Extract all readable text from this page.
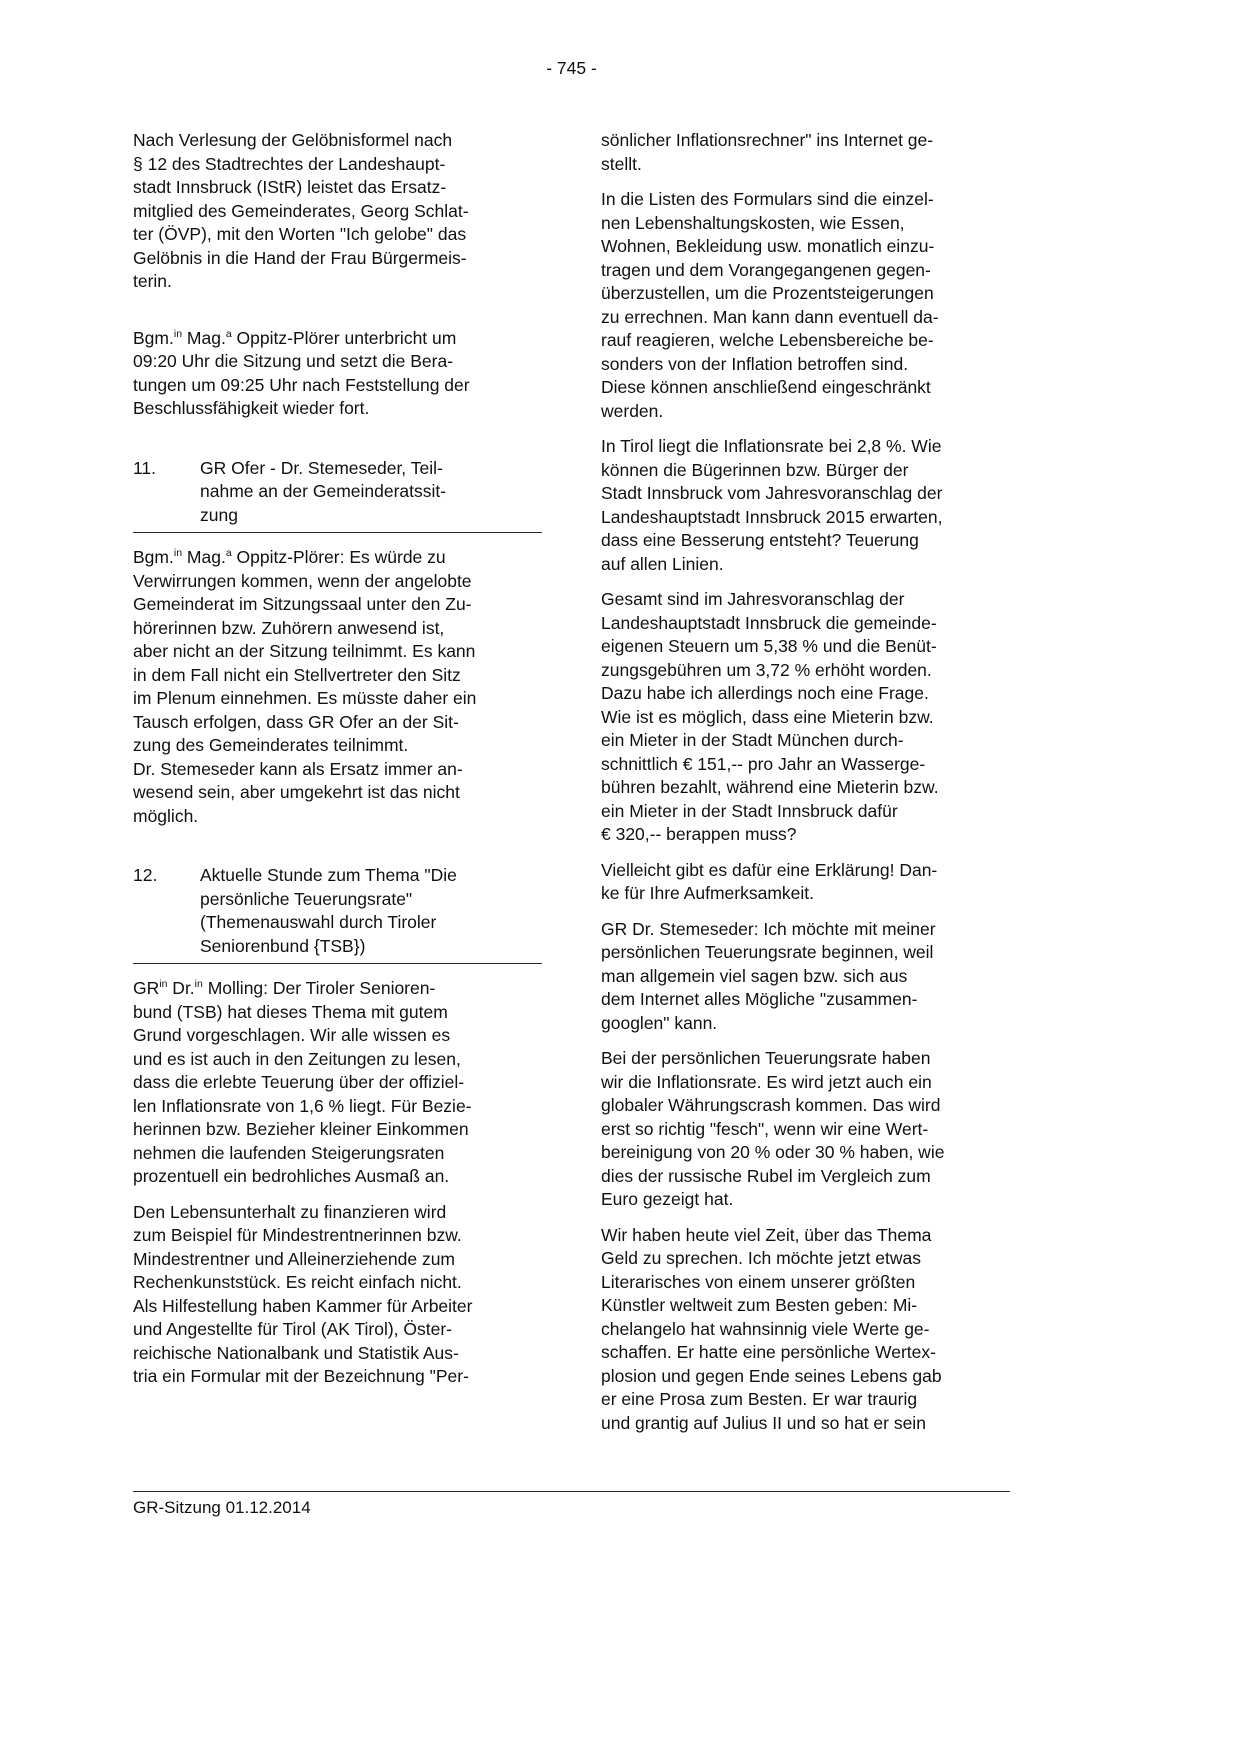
- 745 -

Nach Verlesung der Gelöbnisformel nach
§ 12 des Stadtrechtes der Landeshaupt-
stadt Innsbruck (IStR) leistet das Ersatz-
mitglied des Gemeinderates, Georg Schlat-
ter (ÖVP), mit den Worten "Ich gelobe" das
Gelöbnis in die Hand der Frau Bürgermeis-
terin.

Bgm.$^{in}$ Mag.$^a$ Oppitz-Plörer unterbricht um
09:20 Uhr die Sitzung und setzt die Bera-
tungen um 09:25 Uhr nach Feststellung der
Beschlussfähigkeit wieder fort.

11.	GR Ofer - Dr. Stemeseder, Teil-
nahme an der Gemeinderatssit-
zung

Bgm.$^{in}$ Mag.$^a$ Oppitz-Plörer: Es würde zu
Verwirrungen kommen, wenn der angelobte
Gemeinderat im Sitzungssaal unter den Zu-
hörerinnen bzw. Zuhörern anwesend ist,
aber nicht an der Sitzung teilnimmt. Es kann
in dem Fall nicht ein Stellvertreter den Sitz
im Plenum einnehmen. Es müsste daher ein
Tausch erfolgen, dass GR Ofer an der Sit-
zung des Gemeinderates teilnimmt.
Dr. Stemeseder kann als Ersatz immer an-
wesend sein, aber umgekehrt ist das nicht
möglich.

12.	Aktuelle Stunde zum Thema "Die
persönliche Teuerungsrate"
(Themenauswahl durch Tiroler
Seniorenbund {TSB})

$GR^{in}$ Dr.$^{in}$ Molling: Der Tiroler Senioren-
bund (TSB) hat dieses Thema mit gutem
Grund vorgeschlagen. Wir alle wissen es
und es ist auch in den Zeitungen zu lesen,
dass die erlebte Teuerung über der offiziel-
len Inflationsrate von 1,6 % liegt. Für Bezie-
herinnen bzw. Bezieher kleiner Einkommen
nehmen die laufenden Steigerungsraten
prozentuell ein bedrohliches Ausmaß an.

Den Lebensunterhalt zu finanzieren wird
zum Beispiel für Mindestrentnerinnen bzw.
Mindestrentner und Alleinerziehende zum
Rechenkunststück. Es reicht einfach nicht.
Als Hilfestellung haben Kammer für Arbeiter
und Angestellte für Tirol (AK Tirol), Öster-
reichische Nationalbank und Statistik Aus-
tria ein Formular mit der Bezeichnung "Per-

sönlicher Inflationsrechner" ins Internet ge-
stellt.

In die Listen des Formulars sind die einzel-
nen Lebenshaltungskosten, wie Essen,
Wohnen, Bekleidung usw. monatlich einzu-
tragen und dem Vorangegangenen gegen-
überzustellen, um die Prozentsteigerungen
zu errechnen. Man kann dann eventuell da-
rauf reagieren, welche Lebensbereiche be-
sonders von der Inflation betroffen sind.
Diese können anschließend eingeschränkt
werden.

In Tirol liegt die Inflationsrate bei 2,8 %. Wie
können die Bügerinnen bzw. Bürger der
Stadt Innsbruck vom Jahresvoranschlag der
Landeshauptstadt Innsbruck 2015 erwarten,
dass eine Besserung entsteht? Teuerung
auf allen Linien.

Gesamt sind im Jahresvoranschlag der
Landeshauptstadt Innsbruck die gemeinde-
eigenen Steuern um 5,38 % und die Benüt-
zungsgebühren um 3,72 % erhöht worden.
Dazu habe ich allerdings noch eine Frage.
Wie ist es möglich, dass eine Mieterin bzw.
ein Mieter in der Stadt München durch-
schnittlich € 151,-- pro Jahr an Wasserge-
bühren bezahlt, während eine Mieterin bzw.
ein Mieter in der Stadt Innsbruck dafür
€ 320,-- berappen muss?

Vielleicht gibt es dafür eine Erklärung! Dan-
ke für Ihre Aufmerksamkeit.

GR Dr. Stemeseder: Ich möchte mit meiner
persönlichen Teuerungsrate beginnen, weil
man allgemein viel sagen bzw. sich aus
dem Internet alles Mögliche "zusammen-
googlen" kann.

Bei der persönlichen Teuerungsrate haben
wir die Inflationsrate. Es wird jetzt auch ein
globaler Währungscrash kommen. Das wird
erst so richtig "fesch", wenn wir eine Wert-
bereinigung von 20 % oder 30 % haben, wie
dies der russische Rubel im Vergleich zum
Euro gezeigt hat.

Wir haben heute viel Zeit, über das Thema
Geld zu sprechen. Ich möchte jetzt etwas
Literarisches von einem unserer größten
Künstler weltweit zum Besten geben: Mi-
chelangelo hat wahnsinnig viele Werte ge-
schaffen. Er hatte eine persönliche Wertex-
plosion und gegen Ende seines Lebens gab
er eine Prosa zum Besten. Er war traurig
und grantig auf Julius II und so hat er sein

GR-Sitzung 01.12.2014
